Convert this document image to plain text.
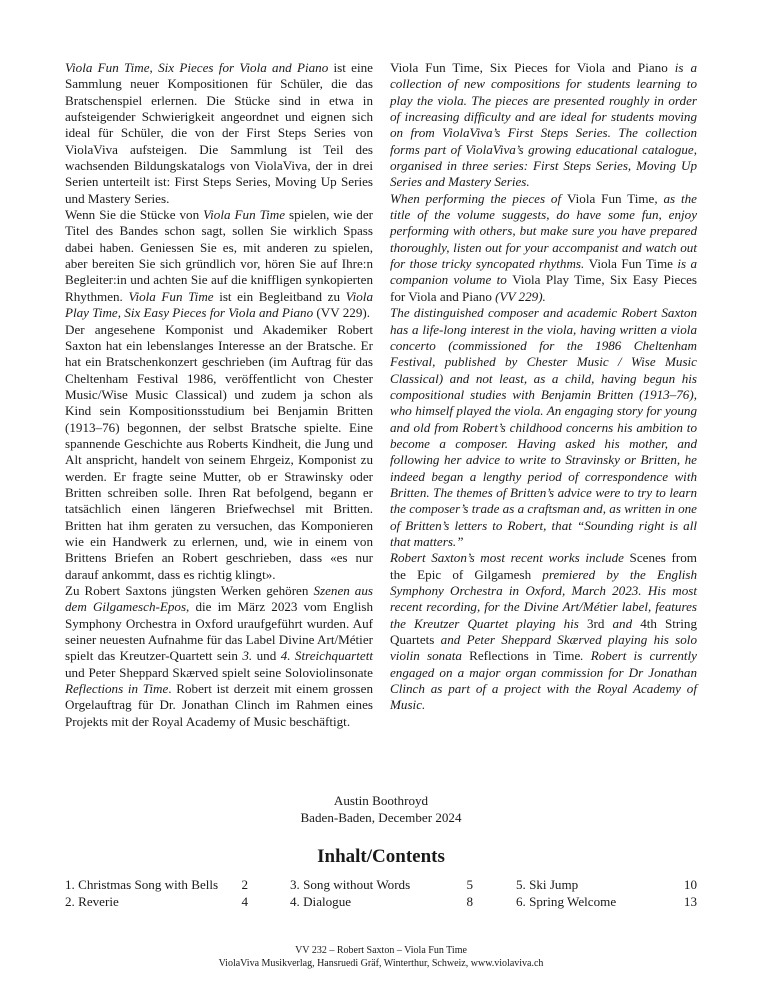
Viola Fun Time, Six Pieces for Viola and Piano ist eine Sammlung neuer Kompositionen für Schüler, die das Bratschenspiel erlernen. Die Stücke sind in etwa in aufsteigender Schwierigkeit angeordnet und eignen sich ideal für Schüler, die von der First Steps Series von ViolaViva aufsteigen. Die Sammlung ist Teil des wachsenden Bildungskatalogs von ViolaViva, der in drei Serien unterteilt ist: First Steps Series, Moving Up Series und Mastery Series.

Wenn Sie die Stücke von Viola Fun Time spielen, wie der Titel des Bandes schon sagt, sollen Sie wirklich Spass dabei haben. Geniessen Sie es, mit anderen zu spielen, aber bereiten Sie sich gründlich vor, hören Sie auf Ihre:n Begleiter:in und achten Sie auf die kniffligen synkopierten Rhythmen. Viola Fun Time ist ein Begleitband zu Viola Play Time, Six Easy Pieces for Viola and Piano (VV 229).

Der angesehene Komponist und Akademiker Robert Saxton hat ein lebenslanges Interesse an der Bratsche. Er hat ein Bratschenkonzert geschrieben (im Auftrag für das Cheltenham Festival 1986, veröffentlicht von Chester Music/Wise Music Classical) und zudem ja schon als Kind sein Kompositionsstudium bei Benjamin Britten (1913–76) begonnen, der selbst Bratsche spielte. Eine spannende Geschichte aus Roberts Kindheit, die Jung und Alt anspricht, handelt von seinem Ehrgeiz, Komponist zu werden. Er fragte seine Mutter, ob er Strawinsky oder Britten schreiben solle. Ihren Rat befolgend, begann er tatsächlich einen längeren Briefwechsel mit Britten. Britten hat ihm geraten zu versuchen, das Komponieren wie ein Handwerk zu erlernen, und, wie in einem von Brittens Briefen an Robert geschrieben, dass «es nur darauf ankommt, dass es richtig klingt».

Zu Robert Saxtons jüngsten Werken gehören Szenen aus dem Gilgamesch-Epos, die im März 2023 vom English Symphony Orchestra in Oxford uraufgeführt wurden. Auf seiner neuesten Aufnahme für das Label Divine Art/Métier spielt das Kreutzer-Quartett sein 3. und 4. Streichquartett und Peter Sheppard Skærved spielt seine Soloviolinsonate Reflections in Time. Robert ist derzeit mit einem grossen Orgelauftrag für Dr. Jonathan Clinch im Rahmen eines Projekts mit der Royal Academy of Music beschäftigt.

Viola Fun Time, Six Pieces for Viola and Piano is a collection of new compositions for students learning to play the viola. The pieces are presented roughly in order of increasing difficulty and are ideal for students moving on from ViolaViva’s First Steps Series. The collection forms part of ViolaViva’s growing educational catalogue, organised in three series: First Steps Series, Moving Up Series and Mastery Series.

When performing the pieces of Viola Fun Time, as the title of the volume suggests, do have some fun, enjoy performing with others, but make sure you have prepared thoroughly, listen out for your accompanist and watch out for those tricky syncopated rhythms. Viola Fun Time is a companion volume to Viola Play Time, Six Easy Pieces for Viola and Piano (VV 229).

The distinguished composer and academic Robert Saxton has a life-long interest in the viola, having written a viola concerto (commissioned for the 1986 Cheltenham Festival, published by Chester Music / Wise Music Classical) and not least, as a child, having begun his compositional studies with Benjamin Britten (1913–76), who himself played the viola. An engaging story for young and old from Robert’s childhood concerns his ambition to become a composer. Having asked his mother, and following her advice to write to Stravinsky or Britten, he indeed began a lengthy period of correspondence with Britten. The themes of Britten’s advice were to try to learn the composer’s trade as a craftsman and, as written in one of Britten’s letters to Robert, that “Sounding right is all that matters.”

Robert Saxton’s most recent works include Scenes from the Epic of Gilgamesh premiered by the English Symphony Orchestra in Oxford, March 2023. His most recent recording, for the Divine Art/Métier label, features the Kreutzer Quartet playing his 3rd and 4th String Quartets and Peter Sheppard Skærved playing his solo violin sonata Reflections in Time. Robert is currently engaged on a major organ commission for Dr Jonathan Clinch as part of a project with the Royal Academy of Music.

Austin Boothroyd
Baden-Baden, December 2024
Inhalt/Contents
1. Christmas Song with Bells 2
2. Reverie	4
3. Song without Words	5
4. Dialogue	8
5. Ski Jump	10
6. Spring Welcome	13
VV 232 – Robert Saxton – Viola Fun Time
ViolaViva Musikverlag, Hansruedi Gräf, Winterthur, Schweiz, www.violaviva.ch
